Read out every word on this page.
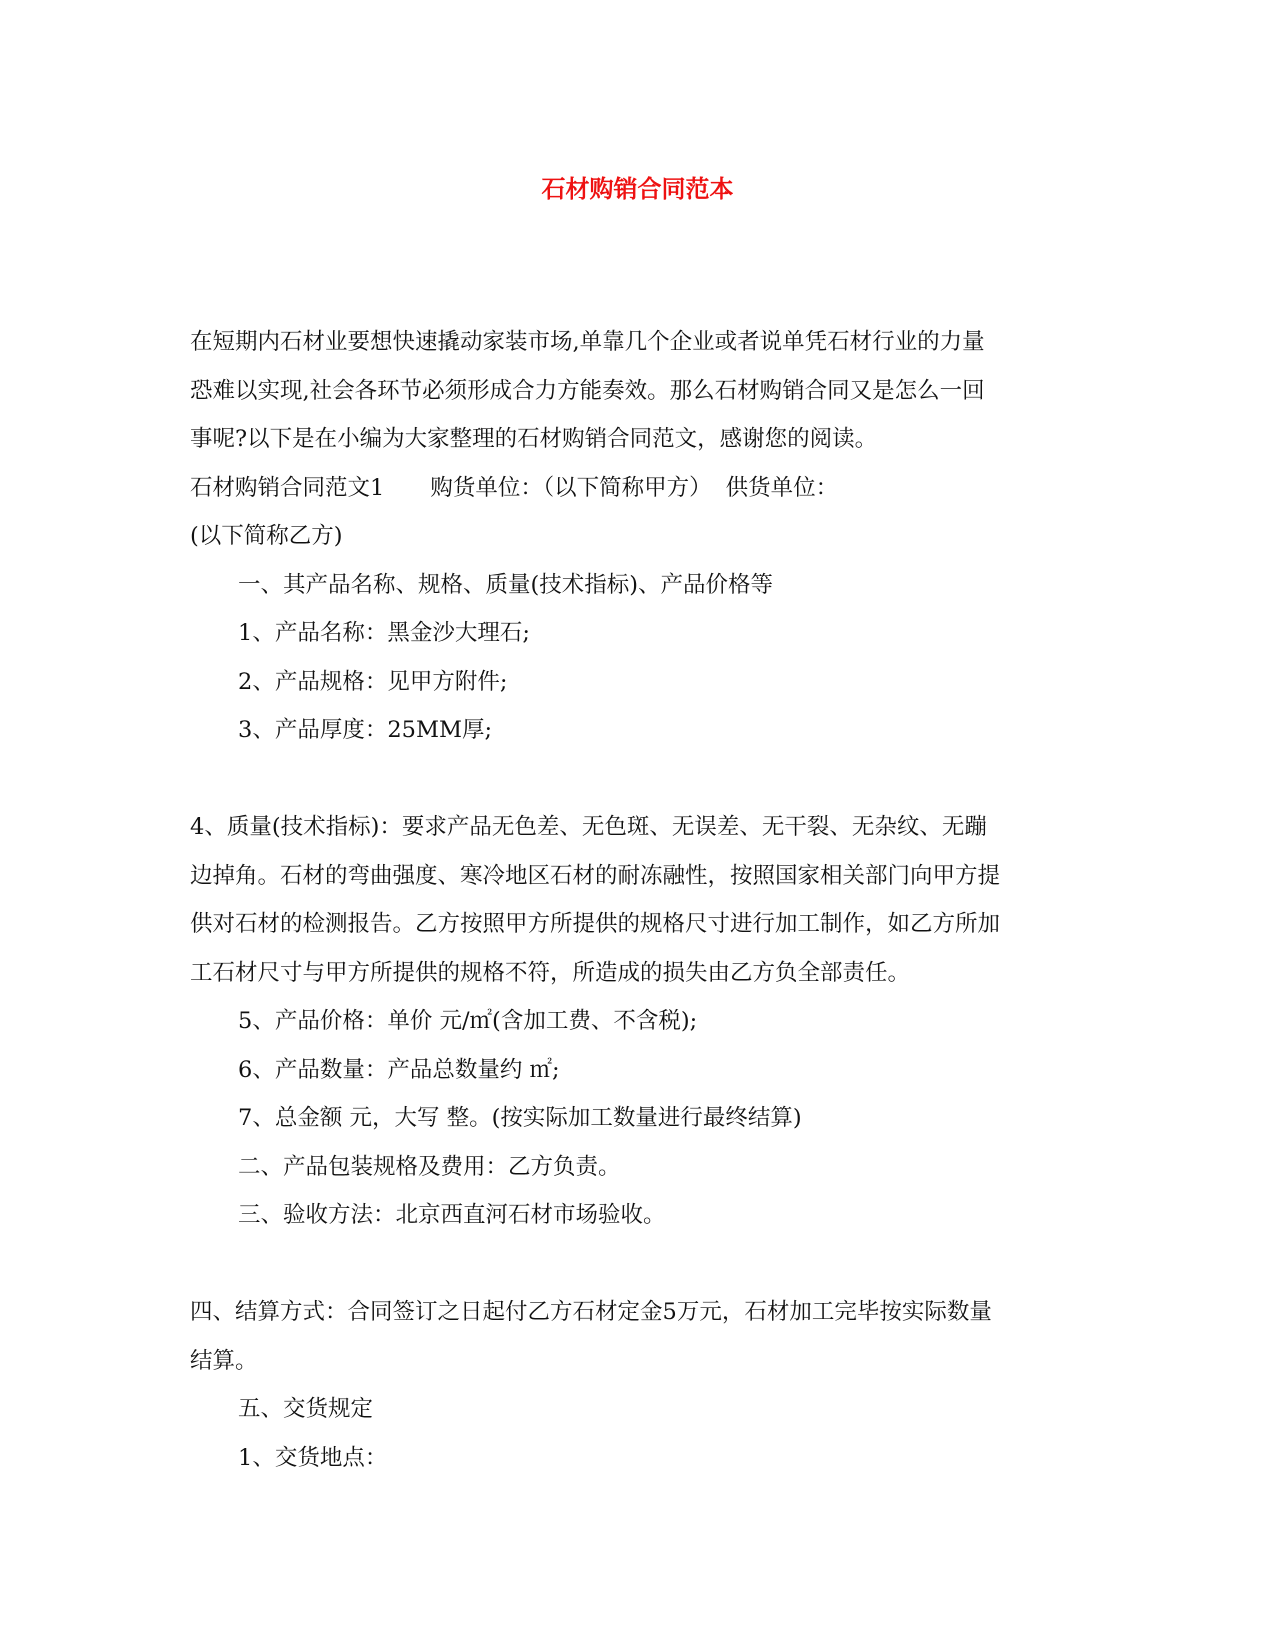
石材购销合同范本

在短期内石材业要想快速撬动家装市场,单靠几个企业或者说单凭石材行业的力量

恐难以实现,社会各环节必须形成合力方能奏效。那么石材购销合同又是怎么一回

事呢?以下是在小编为大家整理的石材购销合同范文，感谢您的阅读。

石材购销合同范文1 购货单位：（以下简称甲方） 供货单位：

(以下简称乙方)

一、其产品名称、规格、质量(技术指标)、产品价格等

1、产品名称：黑金沙大理石;

2、产品规格：见甲方附件;

3、产品厚度：25MM厚;

4、质量(技术指标)：要求产品无色差、无色斑、无误差、无干裂、无杂纹、无蹦

边掉角。石材的弯曲强度、寒冷地区石材的耐冻融性，按照国家相关部门向甲方提

供对石材的检测报告。乙方按照甲方所提供的规格尺寸进行加工制作，如乙方所加

工石材尺寸与甲方所提供的规格不符，所造成的损失由乙方负全部责任。

5、产品价格：单价 元/㎡(含加工费、不含税);

6、产品数量：产品总数量约 ㎡;

7、总金额 元，大写 整。(按实际加工数量进行最终结算)

二、产品包装规格及费用：乙方负责。

三、验收方法：北京西直河石材市场验收。

四、结算方式：合同签订之日起付乙方石材定金5万元，石材加工完毕按实际数量

结算。

五、交货规定

1、交货地点：
